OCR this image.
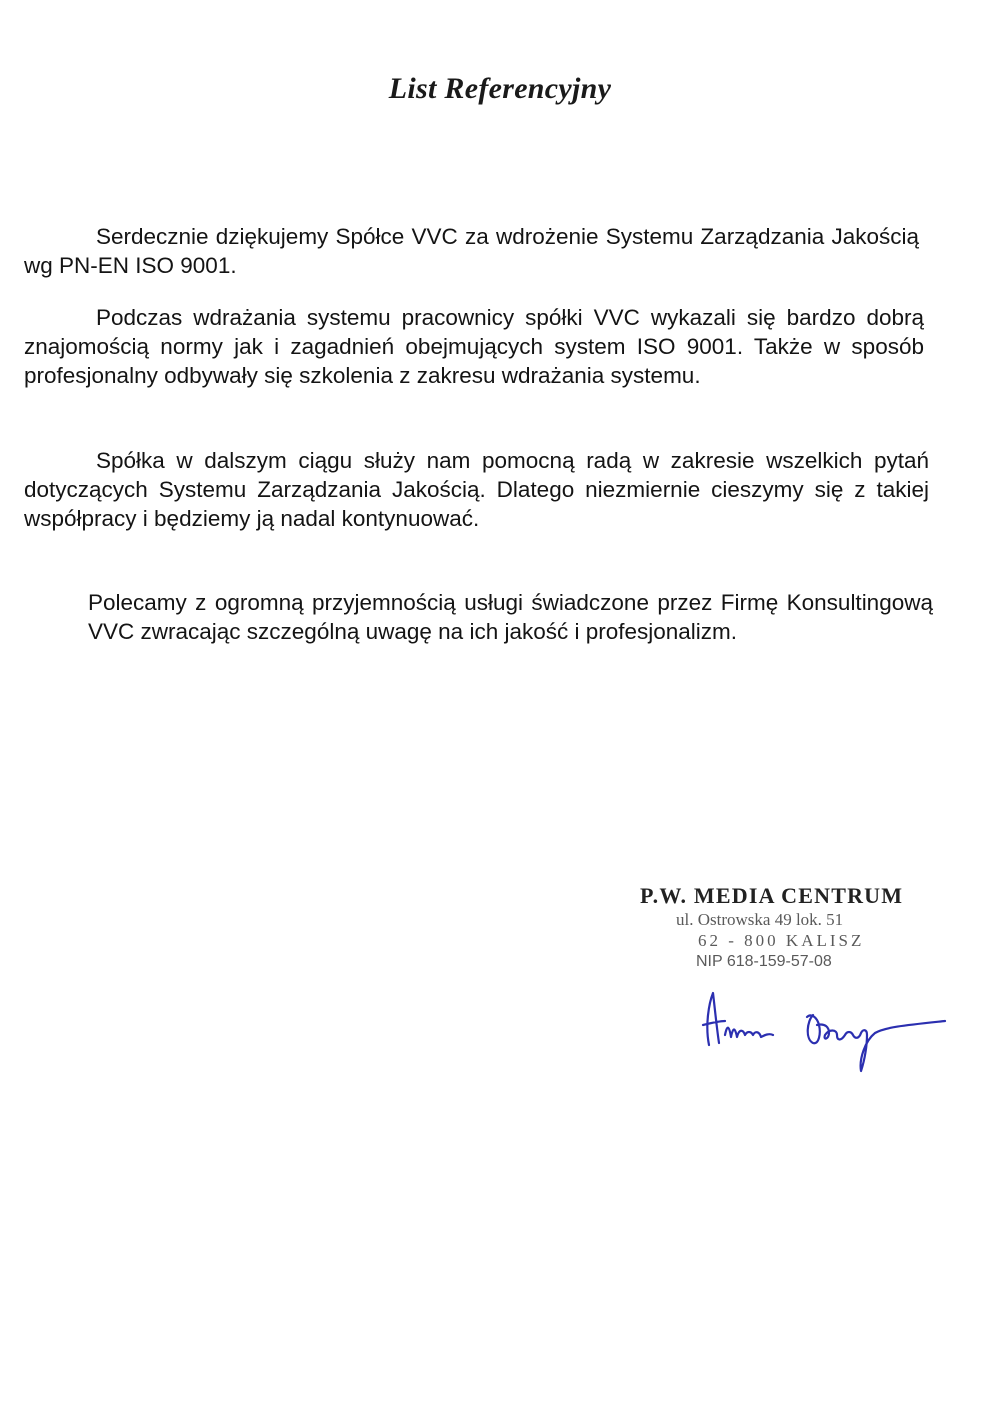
List Referencyjny
Serdecznie dziękujemy Spółce VVC za wdrożenie Systemu Zarządzania Jakością wg PN-EN ISO 9001.
Podczas wdrażania systemu pracownicy spółki VVC wykazali się bardzo dobrą znajomością normy jak i zagadnień obejmujących system ISO 9001. Także w sposób profesjonalny odbywały się szkolenia z zakresu wdrażania systemu.
Spółka w dalszym ciągu służy nam pomocną radą w zakresie wszelkich pytań dotyczących Systemu Zarządzania Jakością. Dlatego niezmiernie cieszymy się z takiej współpracy i będziemy ją nadal kontynuować.
Polecamy z ogromną przyjemnością usługi świadczone przez Firmę Konsultingową VVC zwracając szczególną uwagę na ich jakość i profesjonalizm.
P.W. MEDIA CENTRUM
ul. Ostrowska 49 lok. 51
62 - 800 KALISZ
NIP 618-159-57-08
